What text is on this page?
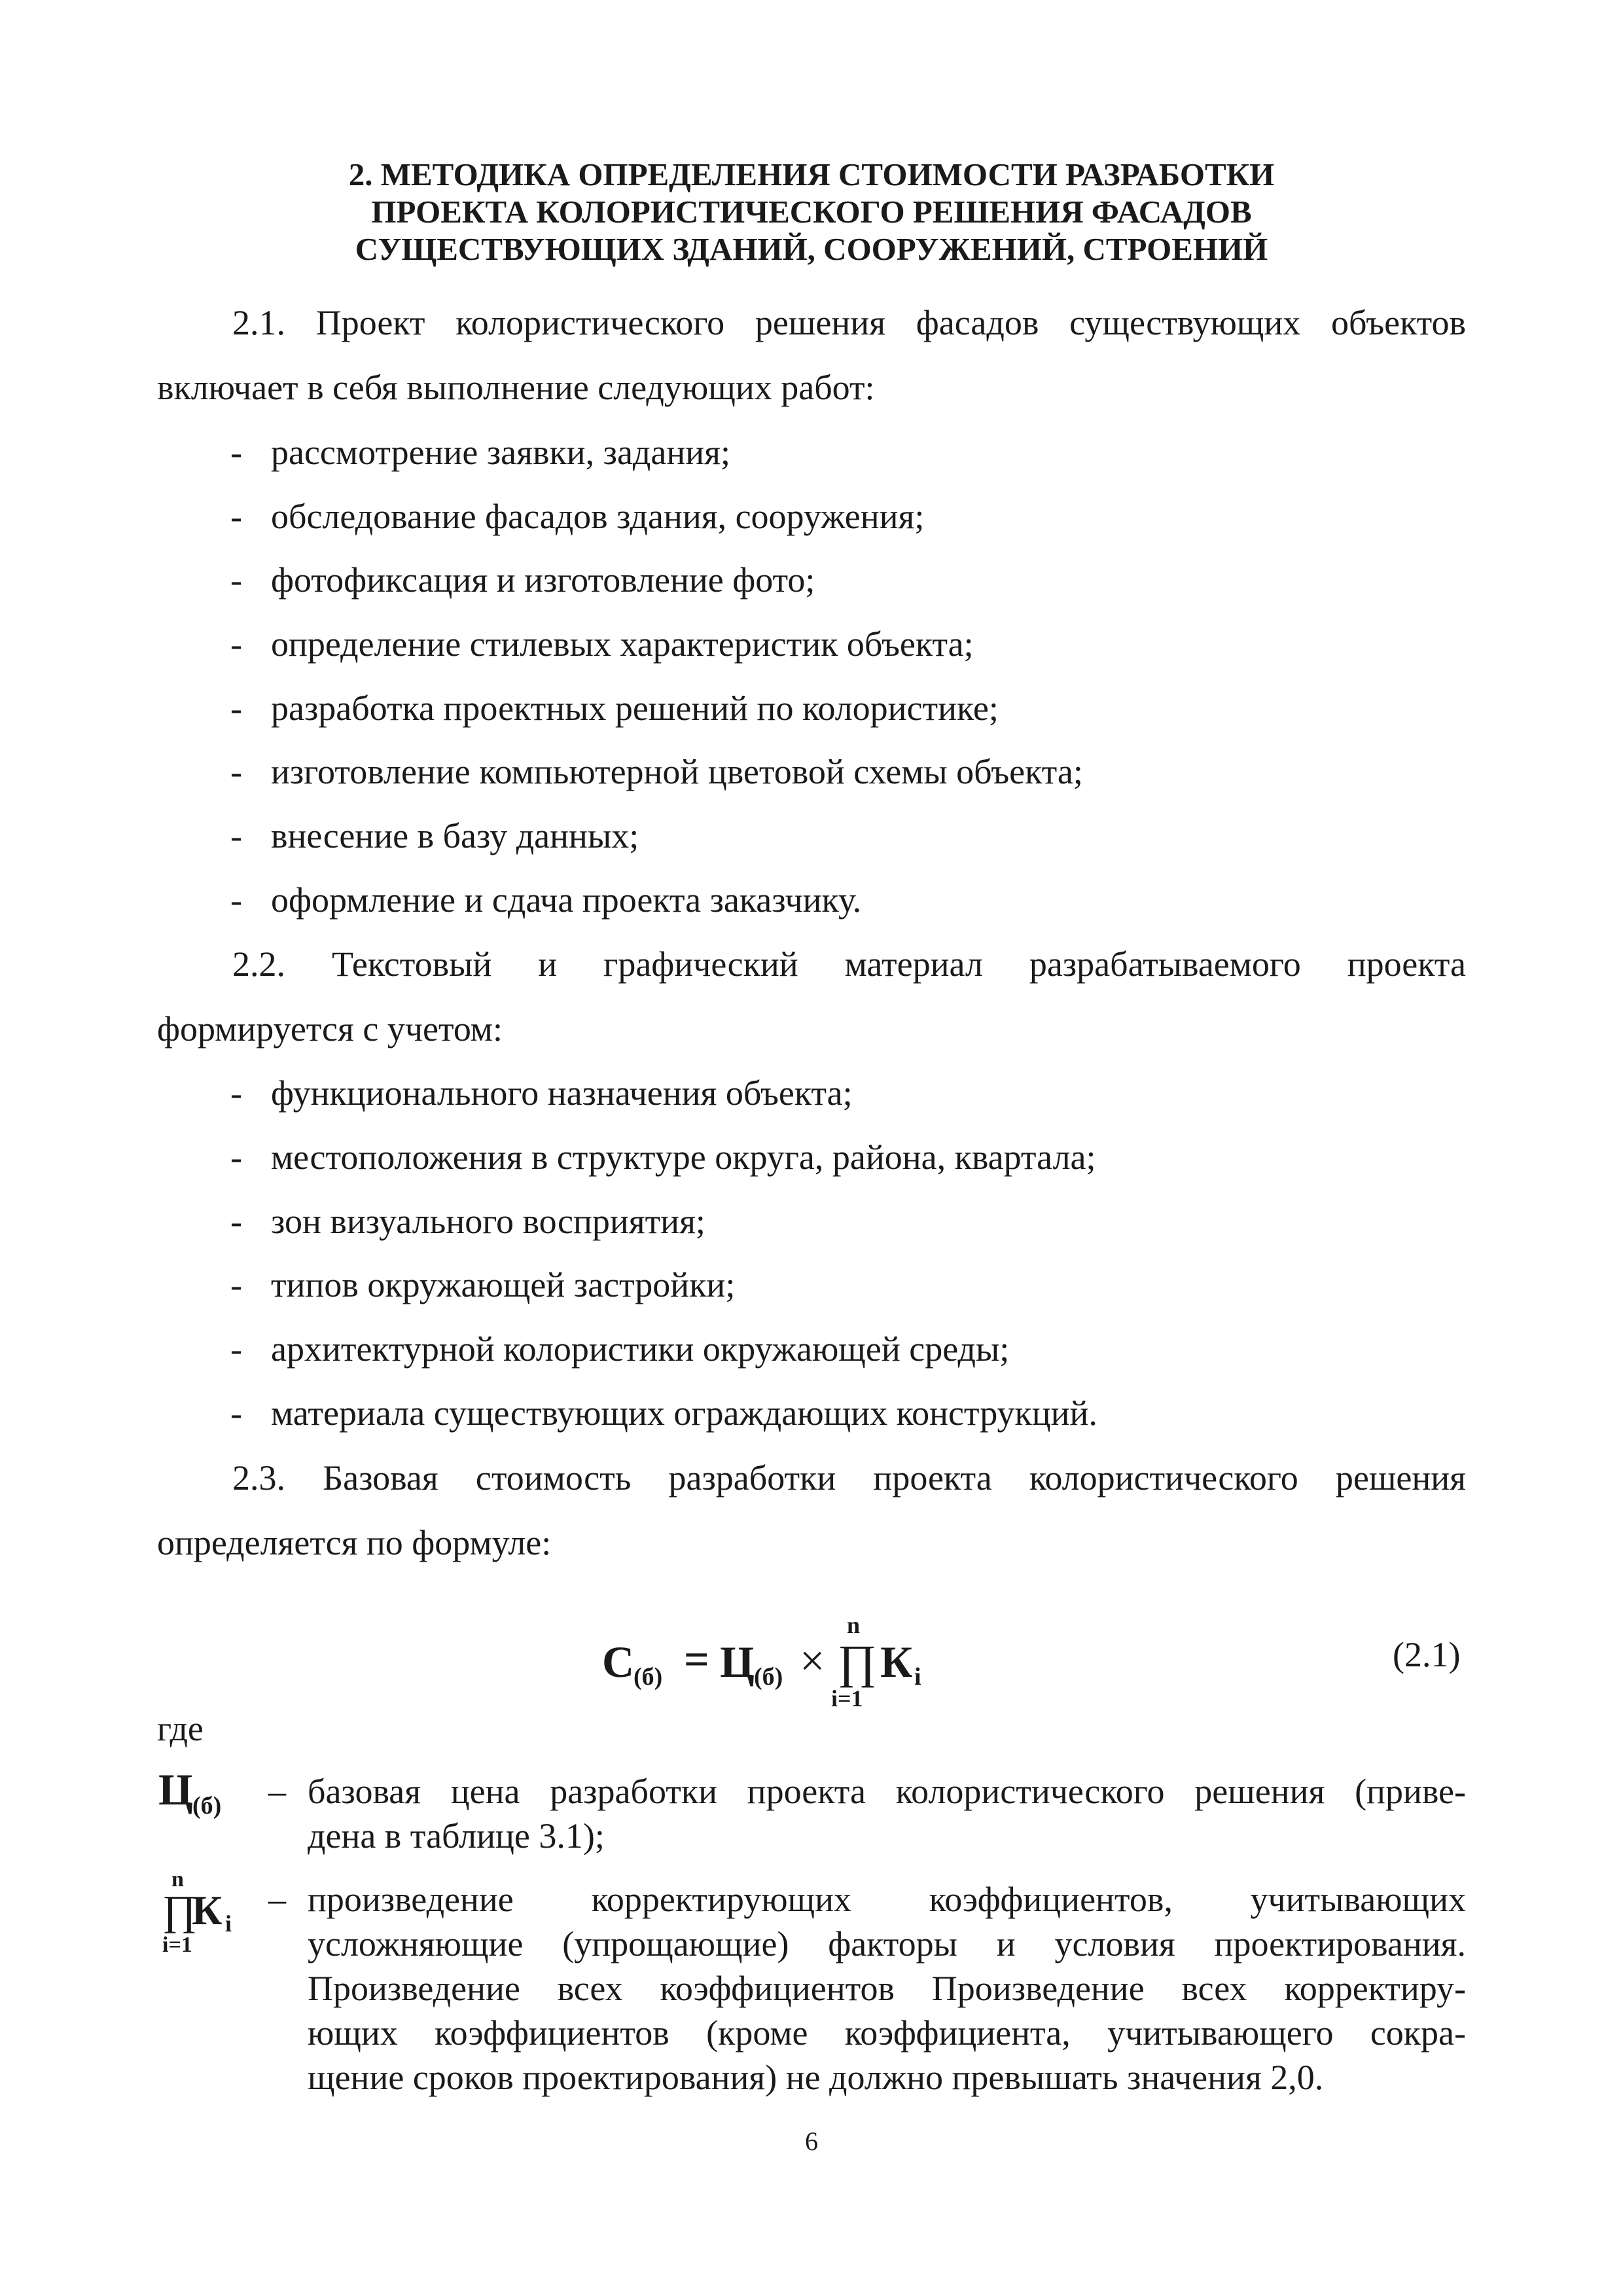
2. МЕТОДИКА ОПРЕДЕЛЕНИЯ СТОИМОСТИ РАЗРАБОТКИ
ПРОЕКТА КОЛОРИСТИЧЕСКОГО РЕШЕНИЯ ФАСАДОВ
СУЩЕСТВУЮЩИХ ЗДАНИЙ, СООРУЖЕНИЙ, СТРОЕНИЙ
2.1. Проект колористического решения фасадов существующих объектов
включает в себя выполнение следующих работ:
- рассмотрение заявки, задания;
- обследование фасадов здания, сооружения;
- фотофиксация и изготовление фото;
- определение стилевых характеристик объекта;
- разработка проектных решений по колористике;
- изготовление компьютерной цветовой схемы объекта;
- внесение в базу данных;
- оформление и сдача проекта заказчику.
2.2. Текстовый и графический материал разрабатываемого проекта
формируется с учетом:
- функционального назначения объекта;
- местоположения в структуре округа, района, квартала;
- зон визуального восприятия;
- типов окружающей застройки;
- архитектурной колористики окружающей среды;
- материала существующих ограждающих конструкций.
2.3. Базовая стоимость разработки проекта колористического решения
определяется по формуле:
С
(б) = Ц (б) ×
n
∏
i=1
К i
(2.1)
где
Ц (б) – базовая цена разработки проекта колористического решения (приве-
дена в таблице 3.1);
n
∏
К i
i=1
– произведение корректирующих коэффициентов, учитывающих
усложняющие (упрощающие) факторы и условия проектирования.
Произведение всех коэффициентов Произведение всех корректиру-
ющих коэффициентов (кроме коэффициента, учитывающего сокра-
щение сроков проектирования) не должно превышать значения 2,0.
6
